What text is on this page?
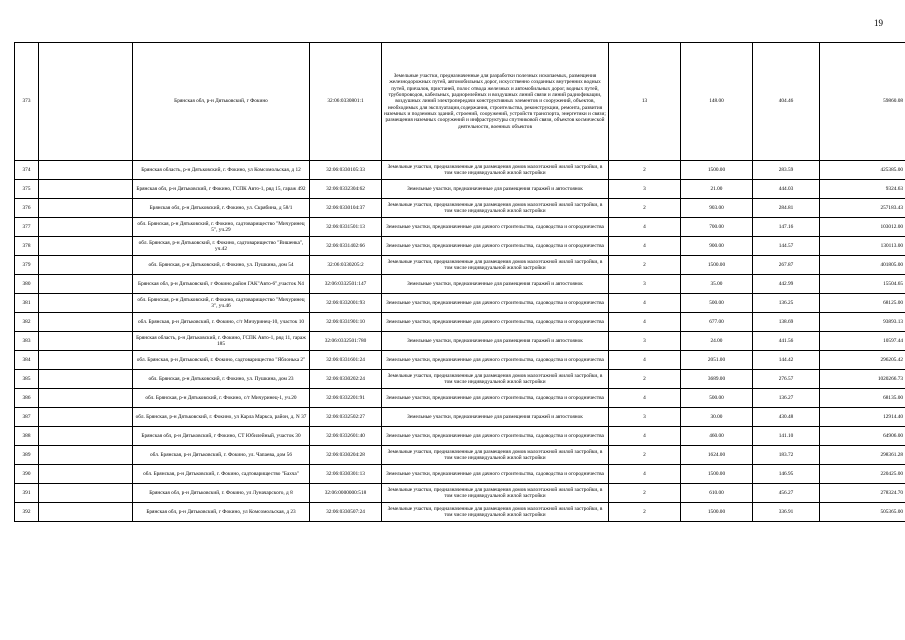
19
373		Брянская обл, р-н Дятьковский, г Фокино	32:06:0330801:1	Земельные участки, предназначенные для разработки полезных ископаемых, размещения железнодорожных путей, автомобильных дорог, искусственно созданных внутренних водных путей, причалов, пристаней, полос отвода железных и автомобильных дорог, водных путей, трубопроводов, кабельных, радиорелейных и воздушных линий связи и линий радиофикации, воздушных линий электропередачи конструктивных элементов и сооружений, объектов, необходимых для эксплуатации,содержания, строительства, реконструкции, ремонта, развития наземных и подземных зданий, строений, сооружений, устройств транспорта, энергетики и связи; размещения наземных сооружений и инфраструктуры спутниковой связи, объектов космической деятельности, военных объектов	13	148.00	404.46	59860.08
374		Брянская область, р-н Дятьковский, г. Фокино, ул Комсомольская, д 12	32:06:0330105:33	Земельные участки, предназначенные для размещения домов малоэтажной жилой застройки, в том числе индивидуальной жилой застройки	2	1500.00	283.59	425385.00
375		Брянская обл, р-н Дятьковский, г Фокино, ГСПК Авто-1, ряд 15, гараж 492	32:06:0332304:62	Земельные участки, предназначенные для размещения гаражей и автостоянок	3	21.00	444.03	9324.63
376		Брянская обл, р-н Дятьковский, г. Фокино, ул. Скрябина, д 58/1	32:06:0330104:37	Земельные участки, предназначенные для размещения домов малоэтажной жилой застройки, в том числе индивидуальной жилой застройки	2	903.00	284.81	257183.43
377		обл. Брянская, р-н Дятьковский, г. Фокино, садтоварищество "Мичуринец 5", уч.29	32:06:0331501:13	Земельные участки, предназначенные для дачного строительства, садоводства и огородничества	4	700.00	147.16	103012.00
378		обл. Брянская, р-н Дятьковский, г. Фокино, садтоварищество "Вишенка", уч.42	32:06:0331402:66	Земельные участки, предназначенные для дачного строительства, садоводства и огородничества	4	900.00	144.57	130113.00
379		обл. Брянская, р-н Дятьковский, г. Фокино, ул. Пушкина, дом 54	32:06:0330205:2	Земельные участки, предназначенные для размещения домов малоэтажной жилой застройки, в том числе индивидуальной жилой застройки	2	1500.00	267.87	401805.00
380		Брянская обл, р-н Дятьковский, г Фокино,район ГАК"Авто-6",участок N4	32:06:0332501:147	Земельные участки, предназначенные для размещения гаражей и автостоянок	3	35.00	442.99	15504.65
381		обл. Брянская, р-н Дятьковский, г. Фокино, садтоварищество "Мичуринец 3", уч.46	32:06:0332001:93	Земельные участки, предназначенные для дачного строительства, садоводства и огородничества	4	500.00	136.25	68125.00
382		обл. Брянская, р-н Дятьковский, г. Фокино, с/т Мичуринец-10, участок 10	32:06:0331901:10	Земельные участки, предназначенные для дачного строительства, садоводства и огородничества	4	677.00	138.69	93893.13
383		Брянская область, р-н Дятьковский, г. Фокино, ГСПК Авто-1, ряд 11, гараж 185	32:06:0332501:780	Земельные участки, предназначенные для размещения гаражей и автостоянок	3	24.00	441.56	10597.44
384		обл. Брянская, р-н Дятьковский, г. Фокино, садтоварищество "Яблонька 2"	32:06:0331601:24	Земельные участки, предназначенные для дачного строительства, садоводства и огородничества	4	2051.00	144.42	296205.42
385		обл. Брянская, р-н Дятьковский, г. Фокино, ул. Пушкина, дом 23	32:06:0330202:24	Земельные участки, предназначенные для размещения домов малоэтажной жилой застройки, в том числе индивидуальной жилой застройки	2	3689.00	276.57	1020266.73
386		обл. Брянская, р-н Дятьковский, г. Фокино, с/т Мичуринец-1, уч.20	32:06:0332201:91	Земельные участки, предназначенные для дачного строительства, садоводства и огородничества	4	500.00	136.27	68135.00
387		обл. Брянская, р-н Дятьковский, г. Фокино, ул Карла Маркса, район, д. N 37	32:06:0332502:27	Земельные участки, предназначенные для размещения гаражей и автостоянок	3	30.00	430.48	12914.40
388		Брянская обл, р-н Дятьковский, г Фокино, СТ Юбилейный, участок 30	32:06:0332601:40	Земельные участки, предназначенные для дачного строительства, садоводства и огородничества	4	460.00	141.10	64906.00
389		обл. Брянская, р-н Дятьковский, г. Фокино, ул. Чапаева, дом 56	32:06:0330204:28	Земельные участки, предназначенные для размещения домов малоэтажной жилой застройки, в том числе индивидуальной жилой застройки	2	1624.00	183.72	298361.28
390		обл. Брянская, р-н Дятьковский, г. Фокино, садтоварищество "Бахча"	32:06:0330301:13	Земельные участки, предназначенные для дачного строительства, садоводства и огородничества	4	1500.00	146.95	220425.00
391		Брянская обл, р-н Дятьковский, г. Фокино, ул Луначарского, д 8	32:06:0000000:518	Земельные участки, предназначенные для размещения домов малоэтажной жилой застройки, в том числе индивидуальной жилой застройки	2	610.00	456.27	278324.70
392		Брянская обл, р-н Дятьковский, г Фокино, ул Комсомольская, д 23	32:06:0330507:24	Земельные участки, предназначенные для размещения домов малоэтажной жилой застройки, в том числе индивидуальной жилой застройки	2	1500.00	336.91	505365.00
